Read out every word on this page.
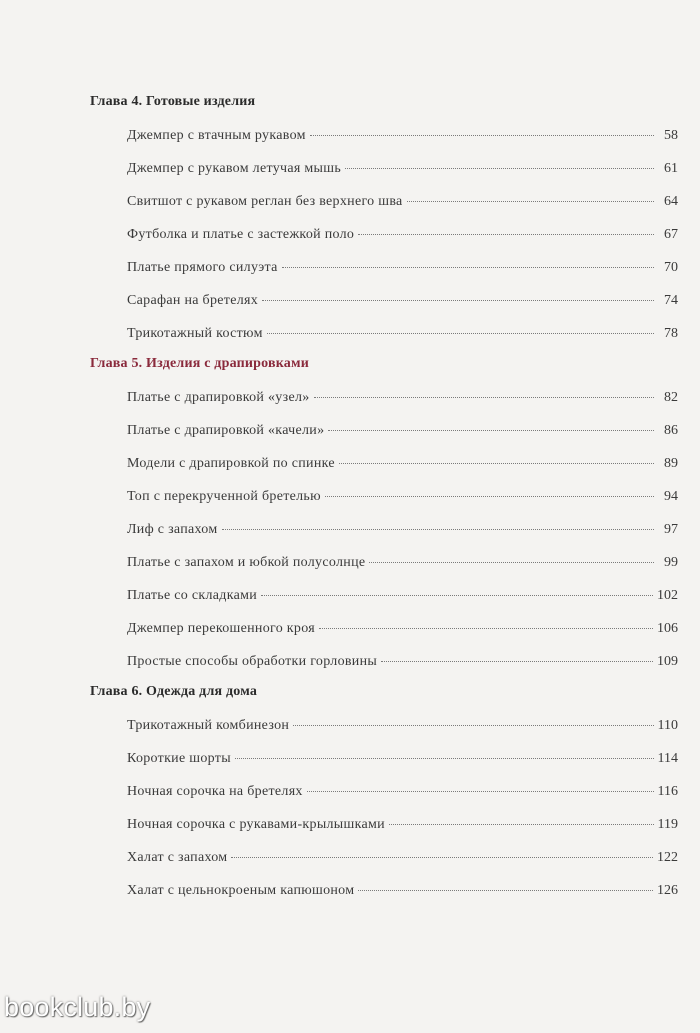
Глава 4. Готовые изделия
Джемпер с втачным рукавом	58
Джемпер с рукавом летучая мышь	61
Свитшот с рукавом реглан без верхнего шва	64
Футболка и платье с застежкой поло	67
Платье прямого силуэта	70
Сарафан на бретелях	74
Трикотажный костюм	78
Глава 5. Изделия с драпировками
Платье с драпировкой «узел»	82
Платье с драпировкой «качели»	86
Модели с драпировкой по спинке	89
Топ с перекрученной бретелью	94
Лиф с запахом	97
Платье с запахом и юбкой полусолнце	99
Платье со складками	102
Джемпер перекошенного кроя	106
Простые способы обработки горловины	109
Глава 6. Одежда для дома
Трикотажный комбинезон	110
Короткие шорты	114
Ночная сорочка на бретелях	116
Ночная сорочка с рукавами-крылышками	119
Халат с запахом	122
Халат с цельнокроеным капюшоном	126
bookclub.by
